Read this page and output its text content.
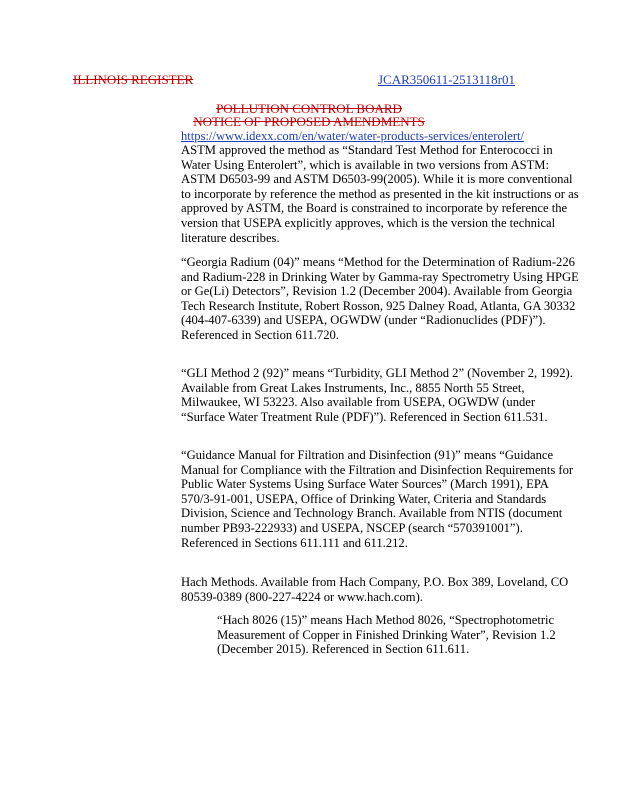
ILLINOIS REGISTER	JCAR350611-2513118r01
POLLUTION CONTROL BOARD
NOTICE OF PROPOSED AMENDMENTS
https://www.idexx.com/en/water/water-products-services/enterolert/

ASTM approved the method as “Standard Test Method for Enterococci in Water Using Enterolert”, which is available in two versions from ASTM: ASTM D6503-99 and ASTM D6503-99(2005). While it is more conventional to incorporate by reference the method as presented in the kit instructions or as approved by ASTM, the Board is constrained to incorporate by reference the version that USEPA explicitly approves, which is the version the technical literature describes.

“Georgia Radium (04)” means “Method for the Determination of Radium-226 and Radium-228 in Drinking Water by Gamma-ray Spectrometry Using HPGE or Ge(Li) Detectors”, Revision 1.2 (December 2004). Available from Georgia Tech Research Institute, Robert Rosson, 925 Dalney Road, Atlanta, GA 30332 (404-407-6339) and USEPA, OGWDW (under “Radionuclides (PDF)”). Referenced in Section 611.720.

“GLI Method 2 (92)” means “Turbidity, GLI Method 2” (November 2, 1992). Available from Great Lakes Instruments, Inc., 8855 North 55 Street, Milwaukee, WI 53223. Also available from USEPA, OGWDW (under “Surface Water Treatment Rule (PDF)”). Referenced in Section 611.531.

“Guidance Manual for Filtration and Disinfection (91)” means “Guidance Manual for Compliance with the Filtration and Disinfection Requirements for Public Water Systems Using Surface Water Sources” (March 1991), EPA 570/3-91-001, USEPA, Office of Drinking Water, Criteria and Standards Division, Science and Technology Branch. Available from NTIS (document number PB93-222933) and USEPA, NSCEP (search “570391001”). Referenced in Sections 611.111 and 611.212.

Hach Methods. Available from Hach Company, P.O. Box 389, Loveland, CO 80539-0389 (800-227-4224 or www.hach.com).

“Hach 8026 (15)” means Hach Method 8026, “Spectrophotometric Measurement of Copper in Finished Drinking Water”, Revision 1.2 (December 2015). Referenced in Section 611.611.
